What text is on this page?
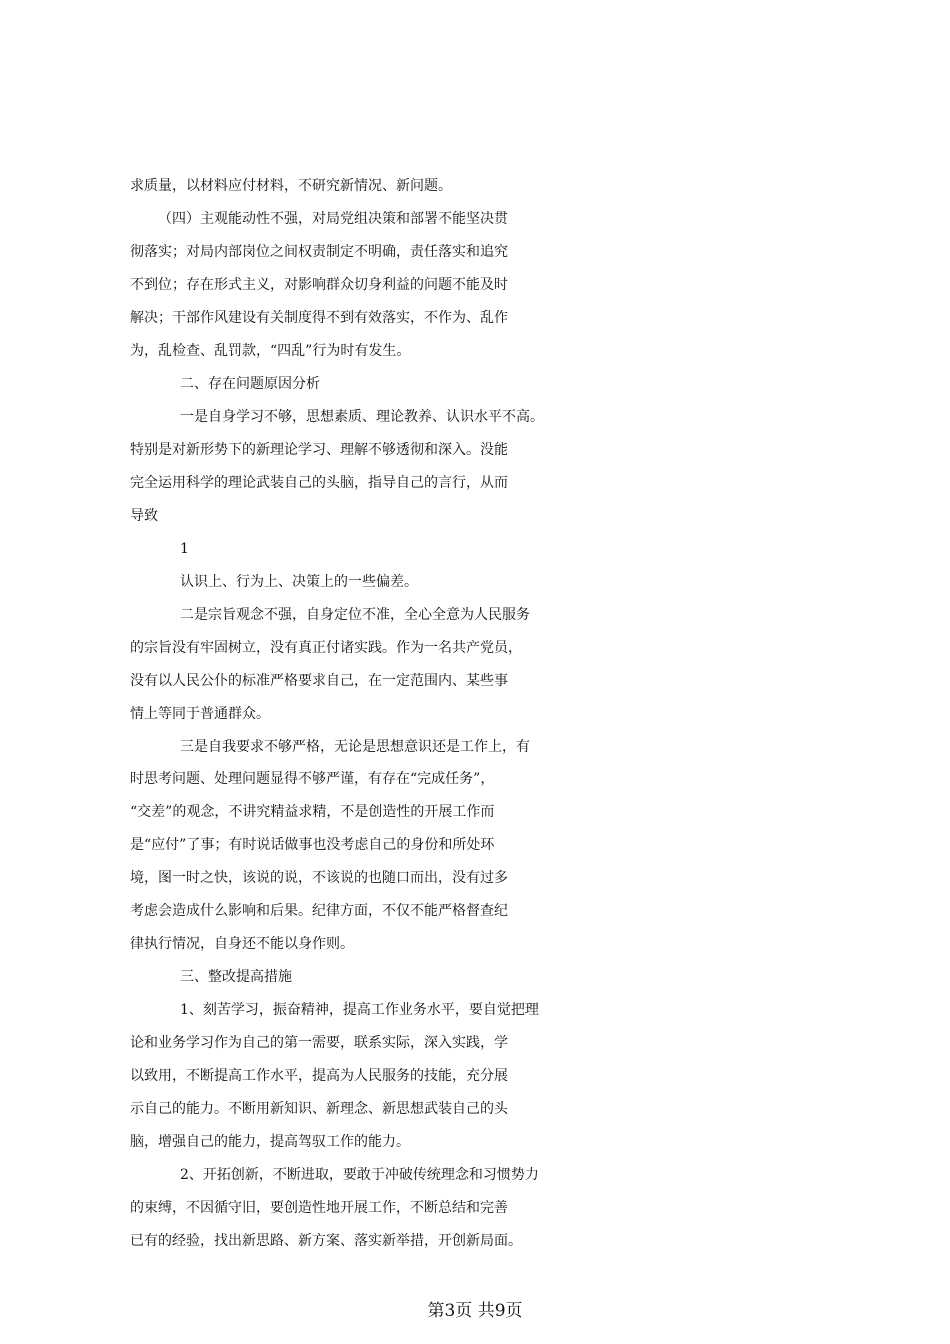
求质量，以材料应付材料，不研究新情况、新问题。
（四）主观能动性不强，对局党组决策和部署不能坚决贯
彻落实；对局内部岗位之间权责制定不明确，责任落实和追究
不到位；存在形式主义，对影响群众切身利益的问题不能及时
解决；干部作风建设有关制度得不到有效落实，不作为、乱作
为，乱检查、乱罚款，“四乱”行为时有发生。
二、存在问题原因分析
一是自身学习不够，思想素质、理论教养、认识水平不高。
特别是对新形势下的新理论学习、理解不够透彻和深入。没能
完全运用科学的理论武装自己的头脑，指导自己的言行，从而
导致
1
认识上、行为上、决策上的一些偏差。
二是宗旨观念不强，自身定位不准，全心全意为人民服务
的宗旨没有牢固树立，没有真正付诸实践。作为一名共产党员，
没有以人民公仆的标准严格要求自己，在一定范围内、某些事
情上等同于普通群众。
三是自我要求不够严格，无论是思想意识还是工作上，有
时思考问题、处理问题显得不够严谨，有存在“完成任务”，
“交差”的观念，不讲究精益求精，不是创造性的开展工作而
是“应付”了事；有时说话做事也没考虑自己的身份和所处环
境，图一时之快，该说的说，不该说的也随口而出，没有过多
考虑会造成什么影响和后果。纪律方面，不仅不能严格督查纪
律执行情况，自身还不能以身作则。
三、整改提高措施
1、刻苦学习，振奋精神，提高工作业务水平，要自觉把理
论和业务学习作为自己的第一需要，联系实际，深入实践，学
以致用，不断提高工作水平，提高为人民服务的技能，充分展
示自己的能力。不断用新知识、新理念、新思想武装自己的头
脑，增强自己的能力，提高驾驭工作的能力。
2、开拓创新，不断进取，要敢于冲破传统理念和习惯势力
的束缚，不因循守旧，要创造性地开展工作，不断总结和完善
已有的经验，找出新思路、新方案、落实新举措，开创新局面。
第3页 共9页
